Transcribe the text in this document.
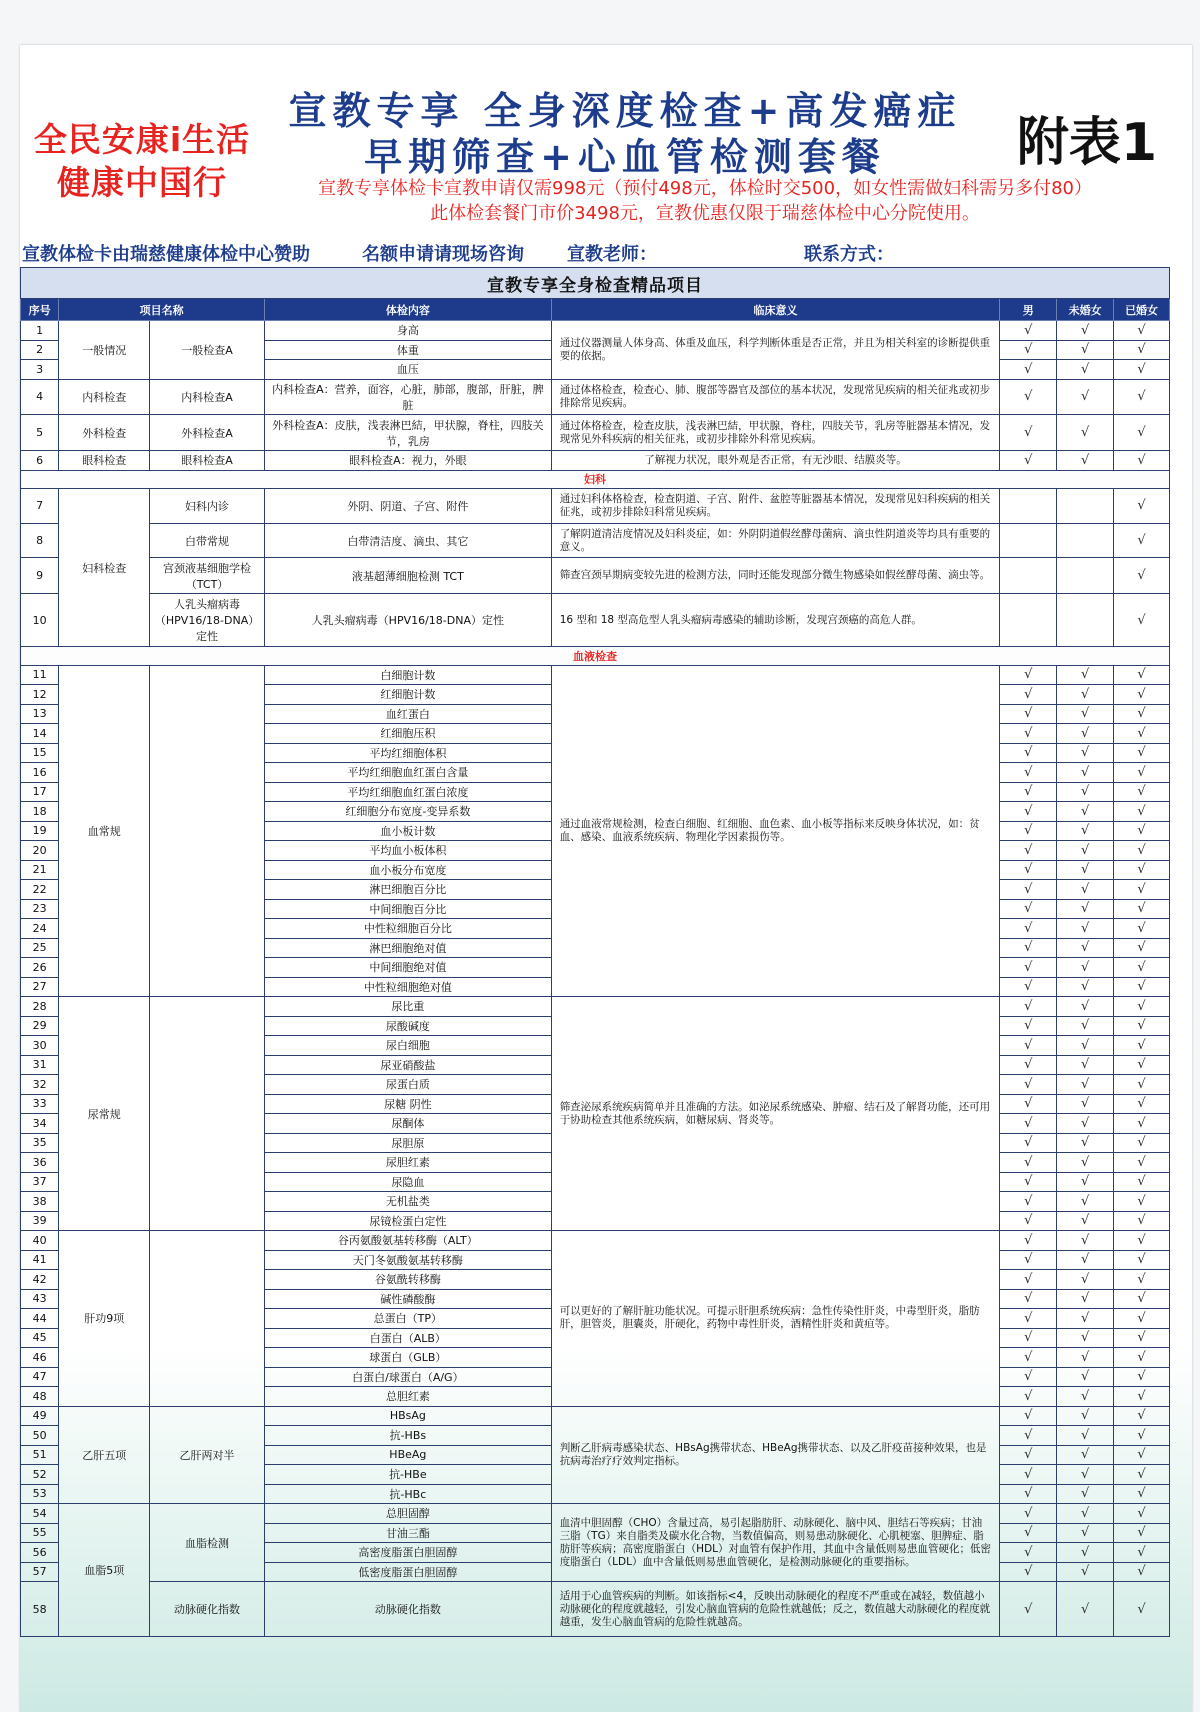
全民安康i生活
健康中国行
宣教专享 全身深度检查+高发癌症
早期筛查+心血管检测套餐	附表1
宣教专享体检卡宣教申请仅需998元（预付498元，体检时交500，如女性需做妇科需另多付80）
此体检套餐门市价3498元，宣教优惠仅限于瑞慈体检中心分院使用。
宣教体检卡由瑞慈健康体检中心赞助	名额申请请现场咨询 宣教老师：	联系方式：
宣教专享全身检查精品项目							
序号	项目名称		体检内容	临床意义	男	未婚女	已婚女
1	一般情况	一般检查A	身高	通过仪器测量人体身高、体重及血压，科学判断体重是否正常，并且为相关科室的诊断提供重要的依据。	√	√	√
2			体重		√	√	√
3			血压		√	√	√
4	内科检查	内科检查A	内科检查A：营养，面容，心脏，肺部，腹部，肝脏，脾脏	通过体格检查，检查心、肺、腹部等器官及部位的基本状况，发现常见疾病的相关征兆或初步排除常见疾病。	√	√	√
5	外科检查	外科检查A	外科检查A：皮肤，浅表淋巴結，甲状腺，脊柱，四肢关节，乳房	通过体格检查，检查皮肤，浅表淋巴結，甲状腺，脊柱，四肢关节，乳房等脏器基本情况，发现常见外科疾病的相关征兆，或初步排除外科常见疾病。	√	√	√
6	眼科检查	眼科检查A	眼科检查A：视力，外眼	了解视力状况，眼外观是否正常，有无沙眼、结膜炎等。	√	√	√
妇科							
7	妇科检查	妇科内诊	外阴、阴道、子宫、附件	通过妇科体格检查，检查阴道、子宫、附件、盆腔等脏器基本情况，发现常见妇科疾病的相关征兆，或初步排除妇科常见疾病。			√
8		白带常规	白带清洁度、滴虫、其它	了解阴道清洁度情况及妇科炎症，如：外阴阴道假丝酵母菌病、滴虫性阴道炎等均具有重要的意义。			√
9		宫颈液基细胞学检（TCT）	液基超薄细胞检测 TCT	筛查宫颈早期病变较先进的检测方法，同时还能发现部分微生物感染如假丝酵母菌、滴虫等。			√
10		人乳头瘤病毒（HPV16/18-DNA）定性	人乳头瘤病毒（HPV16/18-DNA）定性	16 型和 18 型高危型人乳头瘤病毒感染的辅助诊断，发现宫颈癌的高危人群。			√
血液检查							
11	血常规		白细胞计数	通过血液常规检测，检查白细胞、红细胞、血色素、血小板等指标来反映身体状况，如：贫血、感染、血液系统疾病、物理化学因素损伤等。	√	√	√
12			红细胞计数		√	√	√
13			血红蛋白		√	√	√
14			红细胞压积		√	√	√
15			平均红细胞体积		√	√	√
16			平均红细胞血红蛋白含量		√	√	√
17			平均红细胞血红蛋白浓度		√	√	√
18			红细胞分布宽度-变异系数		√	√	√
19			血小板计数		√	√	√
20			平均血小板体积		√	√	√
21			血小板分布宽度		√	√	√
22			淋巴细胞百分比		√	√	√
23			中间细胞百分比		√	√	√
24			中性粒细胞百分比		√	√	√
25			淋巴细胞绝对值		√	√	√
26			中间细胞绝对值		√	√	√
27			中性粒细胞绝对值		√	√	√
28	尿常规		尿比重	筛查泌尿系统疾病简单并且准确的方法。如泌尿系统感染、肿瘤、结石及了解肾功能，还可用于协助检查其他系统疾病，如糖尿病、肾炎等。	√	√	√
29			尿酸碱度		√	√	√
30			尿白细胞		√	√	√
31			尿亚硝酸盐		√	√	√
32			尿蛋白质		√	√	√
33			尿糖 阴性		√	√	√
34			尿酮体		√	√	√
35			尿胆原		√	√	√
36			尿胆红素		√	√	√
37			尿隐血		√	√	√
38			无机盐类		√	√	√
39			尿镜检蛋白定性		√	√	√
40	肝功9项		谷丙氨酸氨基转移酶（ALT）	可以更好的了解肝脏功能状况。可提示肝胆系统疾病：急性传染性肝炎，中毒型肝炎，脂肪肝，胆管炎，胆囊炎，肝硬化，药物中毒性肝炎，酒精性肝炎和黄疸等。	√	√	√
41			天门冬氨酸氨基转移酶		√	√	√
42			谷氨酰转移酶		√	√	√
43			碱性磷酸酶		√	√	√
44			总蛋白（TP）		√	√	√
45			白蛋白（ALB）		√	√	√
46			球蛋白（GLB）		√	√	√
47			白蛋白/球蛋白（A/G）		√	√	√
48			总胆红素		√	√	√
49	乙肝五项	乙肝两对半	HBsAg	判断乙肝病毒感染状态、HBsAg携带状态、HBeAg携带状态、以及乙肝疫苗接种效果，也是抗病毒治疗疗效判定指标。	√	√	√
50			抗-HBs		√	√	√
51			HBeAg		√	√	√
52			抗-HBe		√	√	√
53			抗-HBc		√	√	√
54	血脂5项	血脂检测	总胆固醇	血清中胆固醇（CHO）含量过高，易引起脂肪肝、动脉硬化、脑中风、胆结石等疾病；甘油三脂（TG）来自脂类及碳水化合物，当数值偏高，则易患动脉硬化、心肌梗塞、胆脾症、脂肪肝等疾病；高密度脂蛋白（HDL）对血管有保护作用，其血中含量低则易患血管硬化；低密度脂蛋白（LDL）血中含量低则易患血管硬化，是检测动脉硬化的重要指标。	√	√	√
55			甘油三酯		√	√	√
56			高密度脂蛋白胆固醇		√	√	√
57			低密度脂蛋白胆固醇		√	√	√
58		动脉硬化指数	动脉硬化指数	适用于心血管疾病的判断。如该指标<4，反映出动脉硬化的程度不严重或在减轻，数值越小动脉硬化的程度就越轻，引发心脑血管病的危险性就越低；反之，数值越大动脉硬化的程度就越重，发生心脑血管病的危险性就越高。	√	√	√
